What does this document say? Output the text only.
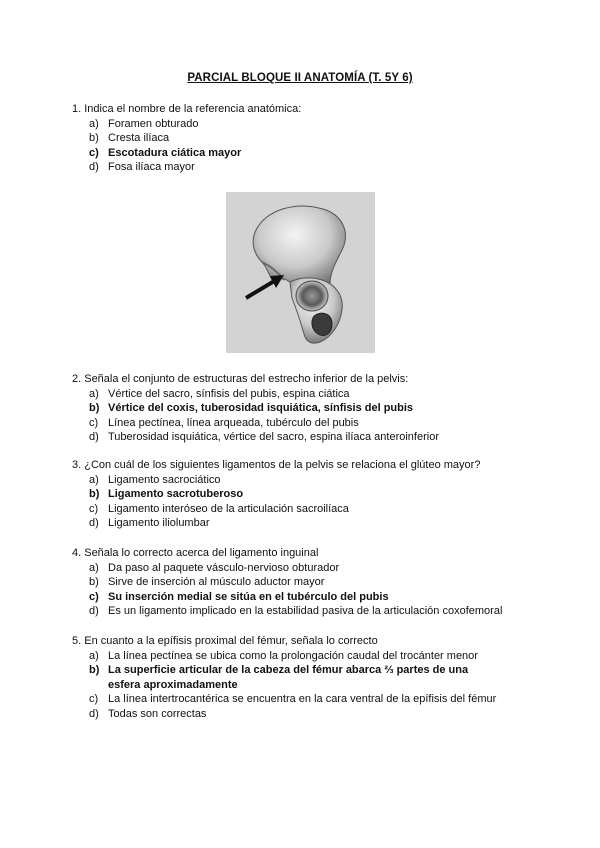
PARCIAL BLOQUE II ANATOMÍA (T. 5Y 6)
1. Indica el nombre de la referencia anatómica:
a) Foramen obturado
b) Cresta ilíaca
c) Escotadura ciática mayor
d) Fosa ilíaca mayor
2. Señala el conjunto de estructuras del estrecho inferior de la pelvis:
a) Vértice del sacro, sínfisis del pubis, espina ciática
b) Vértice del coxis, tuberosidad isquiática, sínfisis del pubis
c) Línea pectínea, línea arqueada, tubérculo del pubis
d) Tuberosidad isquiática, vértice del sacro, espina ilíaca anteroinferior
3. ¿Con cuál de los siguientes ligamentos de la pelvis se relaciona el glúteo mayor?
a) Ligamento sacrociático
b) Ligamento sacrotuberoso
c) Ligamento interóseo de la articulación sacroilíaca
d) Ligamento iliolumbar
4. Señala lo correcto acerca del ligamento inguinal
a) Da paso al paquete vásculo-nervioso obturador
b) Sirve de inserción al músculo aductor mayor
c) Su inserción medial se sitúa en el tubérculo del pubis
d) Es un ligamento implicado en la estabilidad pasiva de la articulación coxofemoral
5. En cuanto a la epífisis proximal del fémur, señala lo correcto
a) La línea pectínea se ubica como la prolongación caudal del trocánter menor
b) La superficie articular de la cabeza del fémur abarca ⅔ partes de una esfera aproximadamente
c) La línea intertrocantérica se encuentra en la cara ventral de la epífisis del fémur
d) Todas son correctas
